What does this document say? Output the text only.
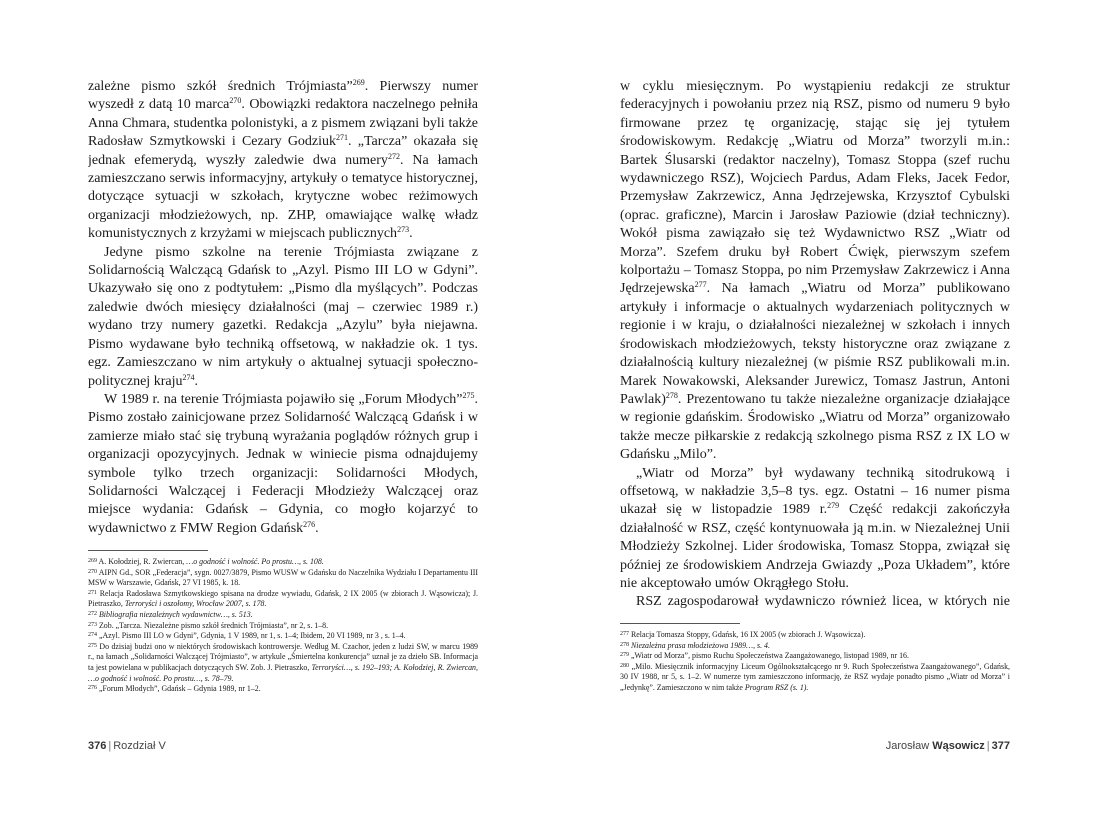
zależne pismo szkół średnich Trójmiasta”$^{269}$. Pierwszy numer wyszedł z datą 10 marca$^{270}$. Obowiązki redaktora naczelnego pełniła Anna Chmara, studentka polonistyki, a z pismem związani byli także Radosław Szmytkowski i Cezary Godziuk$^{271}$. „Tarcza” okazała się jednak efemerydą, wyszły zaledwie dwa numery$^{272}$. Na łamach zamieszczano serwis informacyjny, artykuły o tematyce historycznej, dotyczące sytuacji w szkołach, krytyczne wobec reżimowych organizacji młodzieżowych, np. ZHP, omawiające walkę władz komunistycznych z krzyżami w miejscach publicznych$^{273}$.

Jedyne pismo szkolne na terenie Trójmiasta związane z Solidarnością Walczącą Gdańsk to „Azyl. Pismo III LO w Gdyni”. Ukazywało się ono z podtytułem: „Pismo dla myślących”. Podczas zaledwie dwóch miesięcy działalności (maj – czerwiec 1989 r.) wydano trzy numery gazetki. Redakcja „Azylu” była niejawna. Pismo wydawane było techniką offsetową, w nakładzie ok. 1 tys. egz. Zamieszczano w nim artykuły o aktualnej sytuacji społeczno-politycznej kraju$^{274}$.

W 1989 r. na terenie Trójmiasta pojawiło się „Forum Młodych”$^{275}$. Pismo zostało zainicjowane przez Solidarność Walczącą Gdańsk i w zamierze miało stać się trybuną wyrażania poglądów różnych grup i organizacji opozycyjnych. Jednak w winiecie pisma odnajdujemy symbole tylko trzech organizacji: Solidarności Młodych, Solidarności Walczącej i Federacji Młodzieży Walczącej oraz miejsce wydania: Gdańsk – Gdynia, co mogło kojarzyć to wydawnictwo z FMW Region Gdańsk$^{276}$.

$^{269}$ A. Kołodziej, R. Zwiercan, …o godność i wolność. Po prostu…, s. 108.

$^{270}$ AIPN Gd., SOR „Federacja”, sygn. 0027/3879, Pismo WUSW w Gdańsku do Naczelnika Wydziału I Departamentu III MSW w Warszawie, Gdańsk, 27 VI 1985, k. 18.

$^{271}$ Relacja Radosława Szmytkowskiego spisana na drodze wywiadu, Gdańsk, 2 IX 2005 (w zbiorach J. Wąsowicza); J. Pietraszko, Terroryści i oszołomy, Wrocław 2007, s. 178.

$^{272}$ Bibliografia niezależnych wydawnictw…, s. 513.

$^{273}$ Zob. „Tarcza. Niezależne pismo szkół średnich Trójmiasta”, nr 2, s. 1–8.

$^{274}$ „Azyl. Pismo III LO w Gdyni”, Gdynia, 1 V 1989, nr 1, s. 1–4; Ibidem, 20 VI 1989, nr 3 , s. 1–4.

$^{275}$ Do dzisiaj budzi ono w niektórych środowiskach kontrowersje. Według M. Czachor, jeden z ludzi SW, w marcu 1989 r., na łamach „Solidarności Walczącej Trójmiasto”, w artykule „Śmiertelna konkurencja” uznał je za dzieło SB. Informacja ta jest powielana w publikacjach dotyczących SW. Zob. J. Pietraszko, Terroryści…, s. 192–193; A. Kołodziej, R. Zwiercan, …o godność i wolność. Po prostu…, s. 78–79.

$^{276}$ „Forum Młodych”, Gdańsk – Gdynia 1989, nr 1–2.

w cyklu miesięcznym. Po wystąpieniu redakcji ze struktur federacyjnych i powołaniu przez nią RSZ, pismo od numeru 9 było firmowane przez tę organizację, stając się jej tytułem środowiskowym. Redakcję „Wiatru od Morza” tworzyli m.in.: Bartek Ślusarski (redaktor naczelny), Tomasz Stoppa (szef ruchu wydawniczego RSZ), Wojciech Pardus, Adam Fleks, Jacek Fedor, Przemysław Zakrzewicz, Anna Jędrzejewska, Krzysztof Cybulski (oprac. graficzne), Marcin i Jarosław Paziowie (dział techniczny). Wokół pisma zawiązało się też Wydawnictwo RSZ „Wiatr od Morza”. Szefem druku był Robert Ćwięk, pierwszym szefem kolportażu – Tomasz Stoppa, po nim Przemysław Zakrzewicz i Anna Jędrzejewska$^{277}$. Na łamach „Wiatru od Morza” publikowano artykuły i informacje o aktualnych wydarzeniach politycznych w regionie i w kraju, o działalności niezależnej w szkołach i innych środowiskach młodzieżowych, teksty historyczne oraz związane z działalnością kultury niezależnej (w piśmie RSZ publikowali m.in. Marek Nowakowski, Aleksander Jurewicz, Tomasz Jastrun, Antoni Pawlak)$^{278}$. Prezentowano tu także niezależne organizacje działające w regionie gdańskim. Środowisko „Wiatru od Morza” organizowało także mecze piłkarskie z redakcją szkolnego pisma RSZ z IX LO w Gdańsku „Milo”.

„Wiatr od Morza” był wydawany techniką sitodrukową i offsetową, w nakładzie 3,5–8 tys. egz. Ostatni – 16 numer pisma ukazał się w listopadzie 1989 r.$^{279}$ Część redakcji zakończyła działalność w RSZ, część kontynuowała ją m.in. w Niezależnej Unii Młodzieży Szkolnej. Lider środowiska, Tomasz Stoppa, związał się później ze środowiskiem Andrzeja Gwiazdy „Poza Układem”, które nie akceptowało umów Okrągłego Stołu.

RSZ zagospodarował wydawniczo również licea, w których nie

$^{277}$ Relacja Tomasza Stoppy, Gdańsk, 16 IX 2005 (w zbiorach J. Wąsowicza).

$^{278}$ Niezależna prasa młodzieżowa 1989…, s. 4.

$^{279}$ „Wiatr od Morza”, pismo Ruchu Społeczeństwa Zaangażowanego, listopad 1989, nr 16.

$^{280}$ „Milo. Miesięcznik informacyjny Liceum Ogólnokształcącego nr 9. Ruch Społeczeństwa Zaangażowanego”, Gdańsk, 30 IV 1988, nr 5, s. 1–2. W numerze tym zamieszczono informację, że RSZ wydaje ponadto pismo „Wiatr od Morza” i „Jedynkę”. Zamieszczono w nim także Program RSZ (s. 1).

376 | Rozdział V	Jarosław Wąsowicz | 377
